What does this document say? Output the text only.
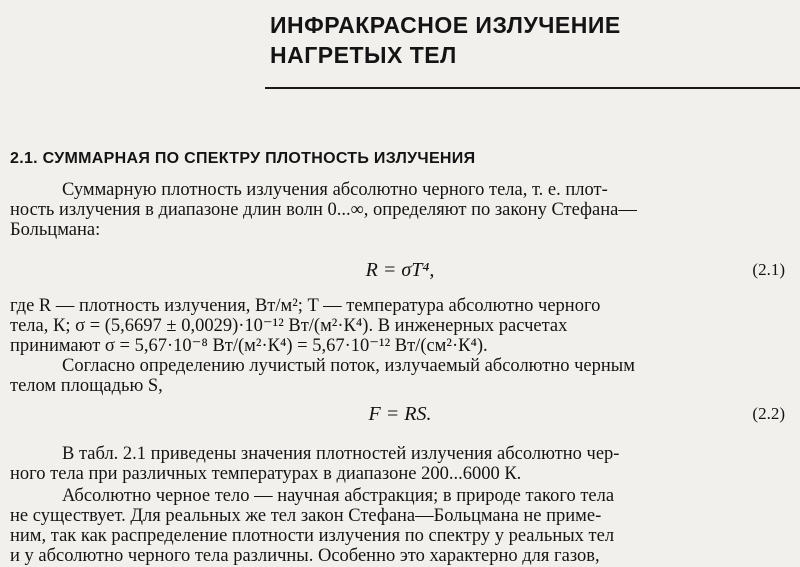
ИНФРАКРАСНОЕ ИЗЛУЧЕНИЕ
НАГРЕТЫХ ТЕЛ
2.1. СУММАРНАЯ ПО СПЕКТРУ ПЛОТНОСТЬ ИЗЛУЧЕНИЯ

Суммарную плотность излучения абсолютно черного тела, т. е. плот-
ность излучения в диапазоне длин волн 0...∞, определяют по закону Стефана—
Больцмана:

R = σT⁴,	(2.1)

где R — плотность излучения, Вт/м²; T — температура абсолютно черного
тела, К; σ = (5,6697 ± 0,0029)·10⁻¹² Вт/(м²·К⁴). В инженерных расчетах
принимают σ = 5,67·10⁻⁸ Вт/(м²·К⁴) = 5,67·10⁻¹² Вт/(см²·К⁴).

Согласно определению лучистый поток, излучаемый абсолютно черным
телом площадью S,

F = RS.	(2.2)

В табл. 2.1 приведены значения плотностей излучения абсолютно чер-
ного тела при различных температурах в диапазоне 200...6000 К.

Абсолютно черное тело — научная абстракция; в природе такого тела
не существует. Для реальных же тел закон Стефана—Больцмана не приме-
ним, так как распределение плотности излучения по спектру у реальных тел
и у абсолютно черного тела различны. Особенно это характерно для газов,
